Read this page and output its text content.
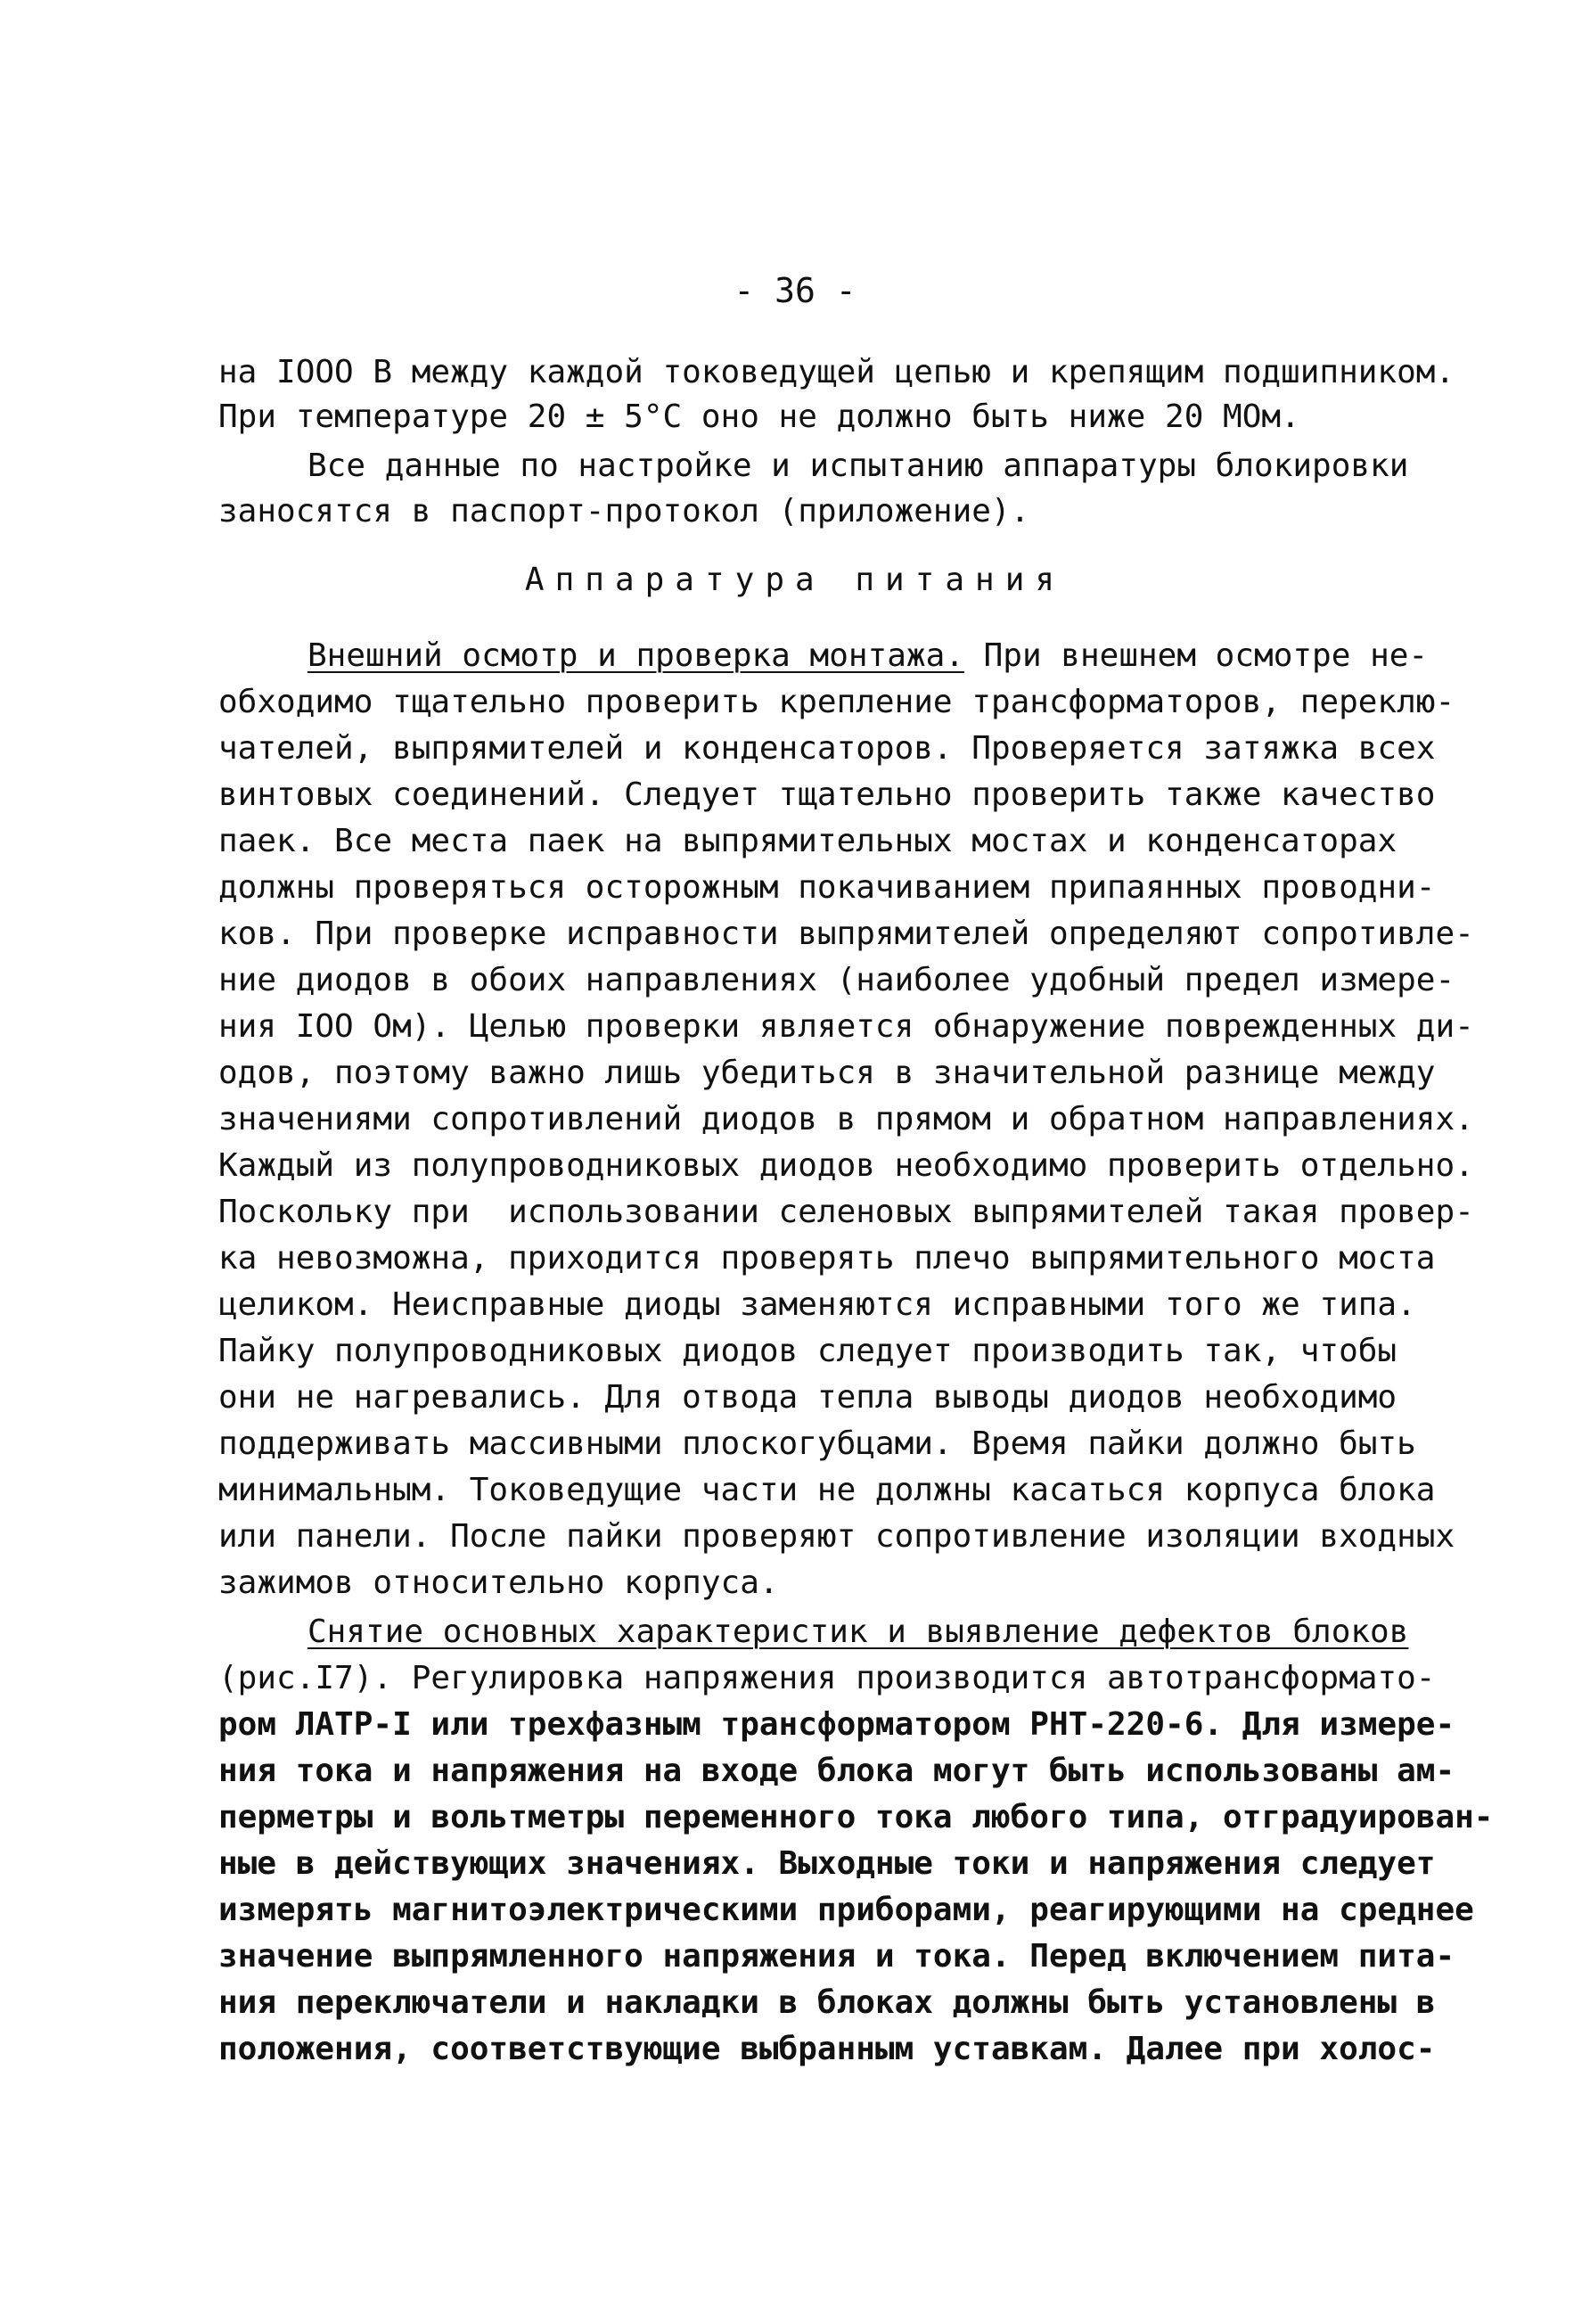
- 36 -
на IOOO В между каждой токоведущей цепью и крепящим подшипником.
При температуре 20 ± 5°С оно не должно быть ниже 20 МОм.
Все данные по настройке и испытанию аппаратуры блокировки
заносятся в паспорт-протокол (приложение).
Аппаратура питания
Внешний осмотр и проверка монтажа. При внешнем осмотре не-
обходимо тщательно проверить крепление трансформаторов, переклю-
чателей, выпрямителей и конденсаторов. Проверяется затяжка всех
винтовых соединений. Следует тщательно проверить также качество
паек. Все места паек на выпрямительных мостах и конденсаторах
должны проверяться осторожным покачиванием припаянных проводни-
ков. При проверке исправности выпрямителей определяют сопротивле-
ние диодов в обоих направлениях (наиболее удобный предел измере-
ния IOO Ом). Целью проверки является обнаружение поврежденных ди-
одов, поэтому важно лишь убедиться в значительной разнице между
значениями сопротивлений диодов в прямом и обратном направлениях.
Каждый из полупроводниковых диодов необходимо проверить отдельно.
Поскольку при  использовании селеновых выпрямителей такая провер-
ка невозможна, приходится проверять плечо выпрямительного моста
целиком. Неисправные диоды заменяются исправными того же типа.
Пайку полупроводниковых диодов следует производить так, чтобы
они не нагревались. Для отвода тепла выводы диодов необходимо
поддерживать массивными плоскогубцами. Время пайки должно быть
минимальным. Токоведущие части не должны касаться корпуса блока
или панели. После пайки проверяют сопротивление изоляции входных
зажимов относительно корпуса.
Снятие основных характеристик и выявление дефектов блоков
(рис.I7). Регулировка напряжения производится автотрансформато-
ром ЛАТР-I или трехфазным трансформатором РНТ-220-6. Для измере-
ния тока и напряжения на входе блока могут быть использованы ам-
перметры и вольтметры переменного тока любого типа, отградуирован-
ные в действующих значениях. Выходные токи и напряжения следует
измерять магнитоэлектрическими приборами, реагирующими на среднее
значение выпрямленного напряжения и тока. Перед включением пита-
ния переключатели и накладки в блоках должны быть установлены в
положения, соответствующие выбранным уставкам. Далее при холос-
